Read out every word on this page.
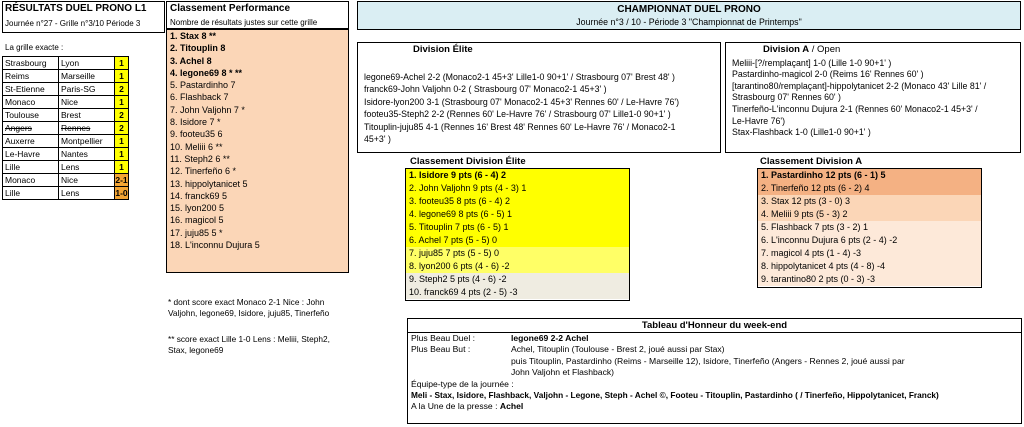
RÉSULTATS DUEL PRONO L1
Journée n°27 - Grille n°3/10 Période 3
La grille exacte :
Strasbourg	Lyon	1
Reims	Marseille	1
St-Etienne	Paris-SG	2
Monaco	Nice	1
Toulouse	Brest	2
Angers	Rennes	2
Auxerre	Montpellier	1
Le-Havre	Nantes	1
Lille	Lens	1
Monaco	Nice	2-1
Lille	Lens	1-0
Classement Performance
Nombre de résultats justes sur cette grille
1. Stax 8 **
2. Titouplin 8
3. Achel 8
4. legone69 8 * **
5. Pastardinho 7
6. Flashback 7
7. John Valjohn 7 *
8. Isidore 7 *
9. footeu35 6
10. Meliii 6 **
11. Steph2 6 **
12. Tinerfeño 6 *
13. hippolytanicet 5
14. franck69 5
15. lyon200 5
16. magicol 5
17. juju85 5 *
18. L'inconnu Dujura 5
* dont score exact Monaco 2-1 Nice : John Valjohn, legone69, Isidore, juju85, Tinerfeño
** score exact Lille 1-0 Lens : Meliii, Steph2, Stax, legone69
CHAMPIONNAT DUEL PRONO
Journée n°3 / 10 - Période 3 "Championnat de Printemps"
Division Élite
legone69-Achel 2-2 (Monaco2-1 45+3' Lille1-0 90+1' / Strasbourg 07' Brest 48' )
franck69-John Valjohn 0-2 ( Strasbourg 07' Monaco2-1 45+3' )
Isidore-lyon200 3-1 (Strasbourg 07' Monaco2-1 45+3' Rennes 60' / Le-Havre 76')
footeu35-Steph2 2-2 (Rennes 60' Le-Havre 76' / Strasbourg 07' Lille1-0 90+1' )
Titouplin-juju85 4-1 (Rennes 16' Brest 48' Rennes 60' Le-Havre 76' / Monaco2-1
45+3' )
Division A / Open
Meliii-[?/remplaçant] 1-0 (Lille 1-0 90+1' )
Pastardinho-magicol 2-0 (Reims 16' Rennes 60' )
[tarantino80/remplaçant]-hippolytanicet 2-2 (Monaco 43' Lille 81' /
Strasbourg 07' Rennes 60' )
Tinerfeño-L'inconnu Dujura 2-1 (Rennes 60' Monaco2-1 45+3' /
Le-Havre 76')
Stax-Flashback 1-0 (Lille1-0 90+1' )
Classement Division Élite
1. Isidore 9 pts (6 - 4) 2
2. John Valjohn 9 pts (4 - 3) 1
3. footeu35 8 pts (6 - 4) 2
4. legone69 8 pts (6 - 5) 1
5. Titouplin 7 pts (6 - 5) 1
6. Achel 7 pts (5 - 5) 0
7. juju85 7 pts (5 - 5) 0
8. lyon200 6 pts (4 - 6) -2
9. Steph2 5 pts (4 - 6) -2
10. franck69 4 pts (2 - 5) -3
Classement Division A
1. Pastardinho 12 pts (6 - 1) 5
2. Tinerfeño 12 pts (6 - 2) 4
3. Stax 12 pts (3 - 0) 3
4. Meliii 9 pts (5 - 3) 2
5. Flashback 7 pts (3 - 2) 1
6. L'inconnu Dujura 6 pts (2 - 4) -2
7. magicol 4 pts (1 - 4) -3
8. hippolytanicet 4 pts (4 - 8) -4
9. tarantino80 2 pts (0 - 3) -3
Tableau d'Honneur du week-end
Plus Beau Duel :	legone69 2-2 Achel
Plus Beau But :	Achel, Titouplin (Toulouse - Brest 2, joué aussi par Stax)
puis Titouplin, Pastardinho (Reims - Marseille 12), Isidore, Tinerfeño (Angers - Rennes 2, joué aussi par
John Valjohn et Flashback)
Équipe-type de la journée :
Meli - Stax, Isidore, Flashback, Valjohn - Legone, Steph - Achel ©, Footeu - Titouplin, Pastardinho ( / Tinerfeño, Hippolytanicet, Franck)
A la Une de la presse : Achel
